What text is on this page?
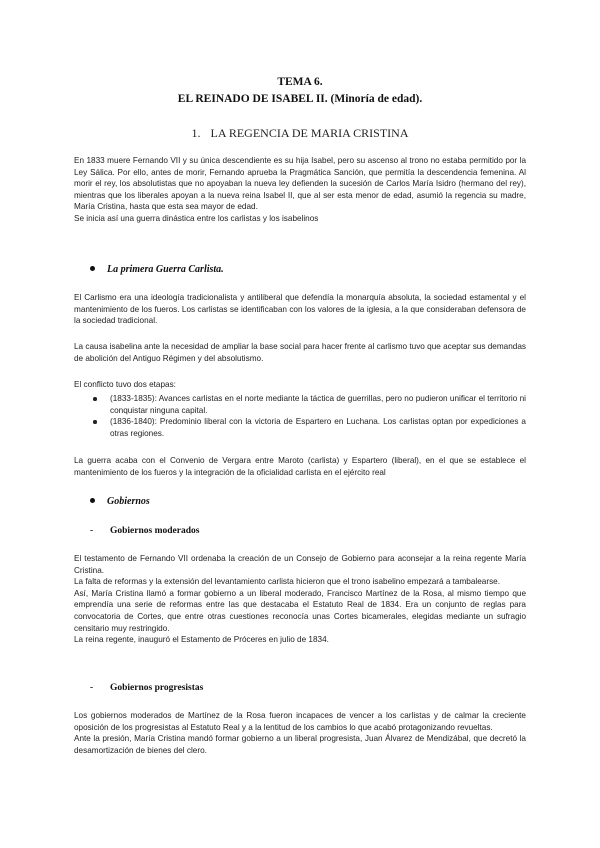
TEMA 6.
EL REINADO DE ISABEL II. (Minoría de edad).
1. LA REGENCIA DE MARIA CRISTINA

En 1833 muere Fernando VII y su única descendiente es su hija Isabel, pero su ascenso al trono no estaba permitido por la Ley Sálica. Por ello, antes de morir, Fernando aprueba la Pragmática Sanción, que permitía la descendencia femenina. Al morir el rey, los absolutistas que no apoyaban la nueva ley defienden la sucesión de Carlos María Isidro (hermano del rey), mientras que los liberales apoyan a la nueva reina Isabel II, que al ser esta menor de edad, asumió la regencia su madre, María Cristina, hasta que esta sea mayor de edad.

Se inicia así una guerra dinástica entre los carlistas y los isabelinos

La primera Guerra Carlista.
El Carlismo era una ideología tradicionalista y antiliberal que defendía la monarquía absoluta, la sociedad estamental y el mantenimiento de los fueros. Los carlistas se identificaban con los valores de la iglesia, a la que consideraban defensora de la sociedad tradicional.
La causa isabelina ante la necesidad de ampliar la base social para hacer frente al carlismo tuvo que aceptar sus demandas de abolición del Antiguo Régimen y del absolutismo.
El conflicto tuvo dos etapas:
(1833-1835): Avances carlistas en el norte mediante la táctica de guerrillas, pero no pudieron unificar el territorio ni conquistar ninguna capital.
(1836-1840): Predominio liberal con la victoria de Espartero en Luchana. Los carlistas optan por expediciones a otras regiones.
La guerra acaba con el Convenio de Vergara entre Maroto (carlista) y Espartero (liberal), en el que se establece el mantenimiento de los fueros y la integración de la oficialidad carlista en el ejército real
Gobiernos
- Gobiernos moderados

El testamento de Fernando VII ordenaba la creación de un Consejo de Gobierno para aconsejar a la reina regente María Cristina.

La falta de reformas y la extensión del levantamiento carlista hicieron que el trono isabelino empezará a tambalearse.

Así, María Cristina llamó a formar gobierno a un liberal moderado, Francisco Martínez de la Rosa, al mismo tiempo que emprendía una serie de reformas entre las que destacaba el Estatuto Real de 1834. Era un conjunto de reglas para convocatoria de Cortes, que entre otras cuestiones reconocía unas Cortes bicamerales, elegidas mediante un sufragio censitario muy restringido.

La reina regente, inauguró el Estamento de Próceres en julio de 1834.

- Gobiernos progresistas

Los gobiernos moderados de Martínez de la Rosa fueron incapaces de vencer a los carlistas y de calmar la creciente oposición de los progresistas al Estatuto Real y a la lentitud de los cambios lo que acabó protagonizando revueltas.

Ante la presión, María Cristina mandó formar gobierno a un liberal progresista, Juan Álvarez de Mendizábal, que decretó la desamortización de bienes del clero.
